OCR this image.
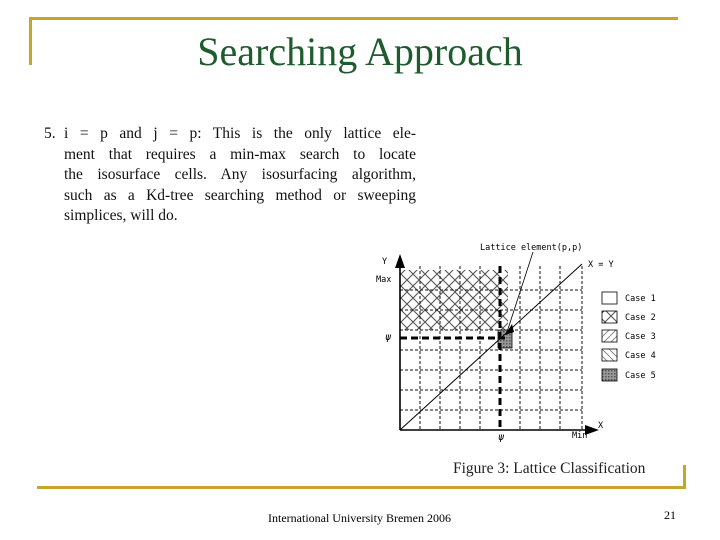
Searching Approach
5. i = p and j = p: This is the only lattice ele-
ment that requires a min-max search to locate
the isosurface cells. Any isosurfacing algorithm,
such as a Kd-tree searching method or sweeping
simplices, will do.
Lattice element(p,p)
X = Y
Y
Max
ψ
ψ
X
Min
Case 1
Case 2
Case 3
Case 4
Case 5
Figure 3: Lattice Classification
International University Bremen 2006	21
